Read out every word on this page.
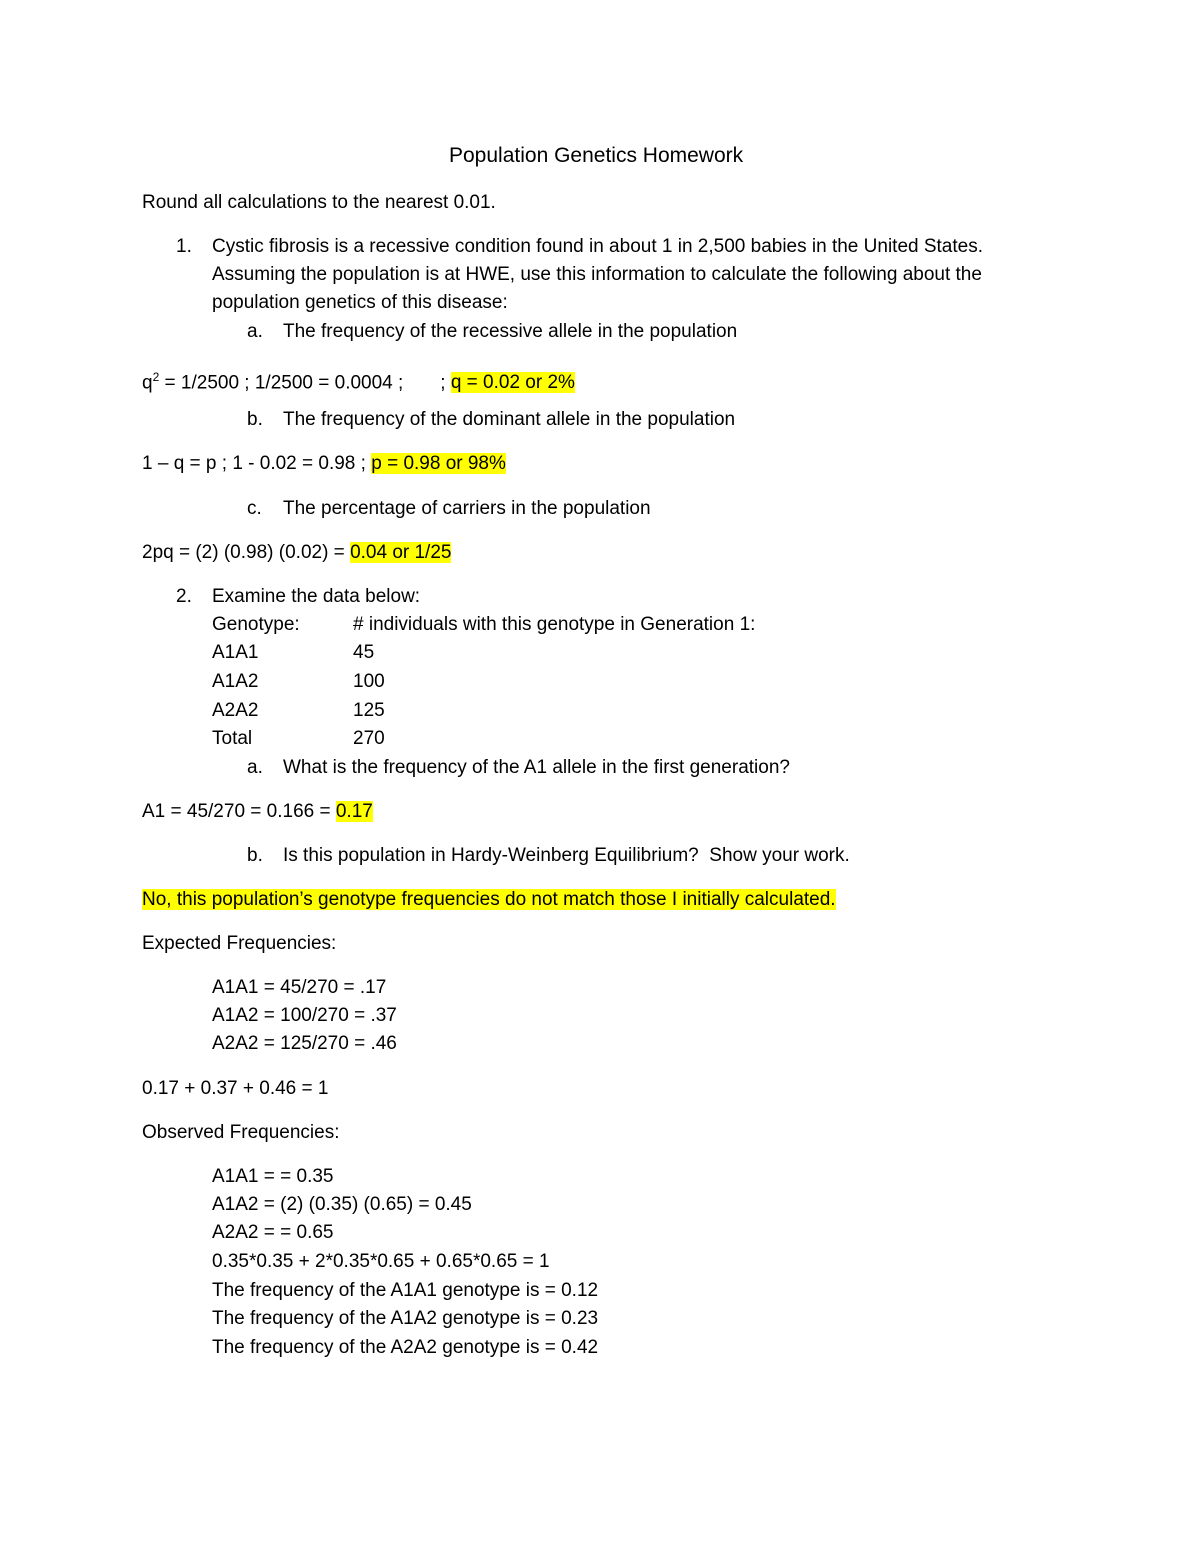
Population Genetics Homework
Round all calculations to the nearest 0.01.
1. Cystic fibrosis is a recessive condition found in about 1 in 2,500 babies in the United States.
Assuming the population is at HWE, use this information to calculate the following about the
population genetics of this disease:
a. The frequency of the recessive allele in the population
$q^2 = 1/2500$ ; 1/2500 = 0.0004 ;       ; q = 0.02 or 2%
b. The frequency of the dominant allele in the population
1 – q = p ; 1 - 0.02 = 0.98 ; p = 0.98 or 98%
c. The percentage of carriers in the population
2pq = (2) (0.98) (0.02) = 0.04 or 1/25
2. Examine the data below:
Genotype:	# individuals with this genotype in Generation 1:
A1A1	45
A1A2	100
A2A2	125
Total	270
a. What is the frequency of the A1 allele in the first generation?
A1 = 45/270 = 0.166 = 0.17
b. Is this population in Hardy-Weinberg Equilibrium?  Show your work.
No, this population’s genotype frequencies do not match those I initially calculated.
Expected Frequencies:
A1A1 = 45/270 = .17
A1A2 = 100/270 = .37
A2A2 = 125/270 = .46
0.17 + 0.37 + 0.46 = 1
Observed Frequencies:
A1A1 = = 0.35
A1A2 = (2) (0.35) (0.65) = 0.45
A2A2 = = 0.65
0.35*0.35 + 2*0.35*0.65 + 0.65*0.65 = 1
The frequency of the A1A1 genotype is = 0.12
The frequency of the A1A2 genotype is = 0.23
The frequency of the A2A2 genotype is = 0.42
